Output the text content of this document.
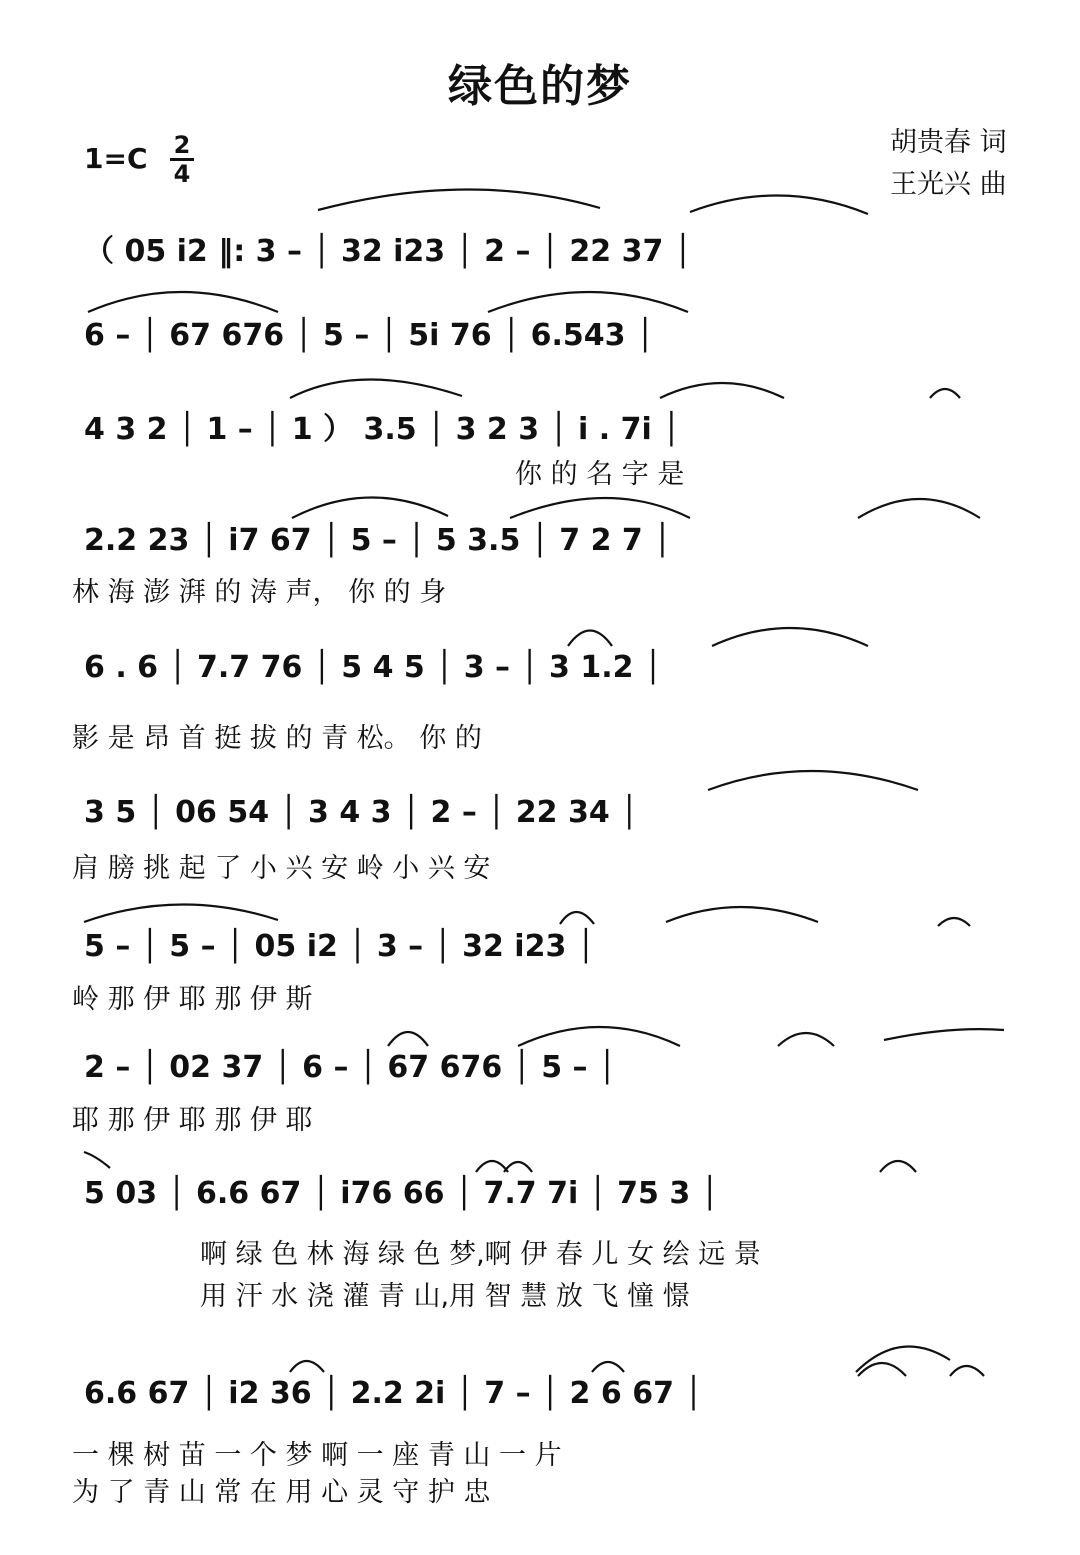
绿色的梦
胡贵春 词
王光兴 曲
1=C 2
4
（ 05 i2 ‖: 3 – │ 32 i23 │ 2 – │ 22 37 │
6 – │ 67 676 │ 5 – │ 5i 76 │ 6.543 │
4 3 2 │ 1 – │ 1 ） 3.5 │ 3 2 3 │ i . 7i │
你 的 名 字 是
2.2 23 │ i7 67 │ 5 – │ 5 3.5 │ 7 2 7 │
林 海 澎 湃 的 涛 声， 你 的 身
6 . 6 │ 7.7 76 │ 5 4 5 │ 3 – │ 3 1.2 │
影 是 昂 首 挺 拔 的 青 松。 你 的
3 5 │ 06 54 │ 3 4 3 │ 2 – │ 22 34 │
肩 膀 挑 起 了 小 兴 安 岭 小 兴 安
5 – │ 5 – │ 05 i2 │ 3 – │ 32 i23 │
岭 那 伊 耶 那 伊 斯
2 – │ 02 37 │ 6 – │ 67 676 │ 5 – │
耶 那 伊 耶 那 伊 耶
5 03 │ 6.6 67 │ i76 66 │ 7.7 7i │ 75 3 │
啊 绿 色 林 海 绿 色 梦,啊 伊 春 儿 女 绘 远 景
用 汗 水 浇 灌 青 山,用 智 慧 放 飞 憧 憬
6.6 67 │ i2 36 │ 2.2 2i │ 7 – │ 2 6 67 │
一 棵 树 苗 一 个 梦 啊 一 座 青 山 一 片
为 了 青 山 常 在 用 心 灵 守 护 忠
